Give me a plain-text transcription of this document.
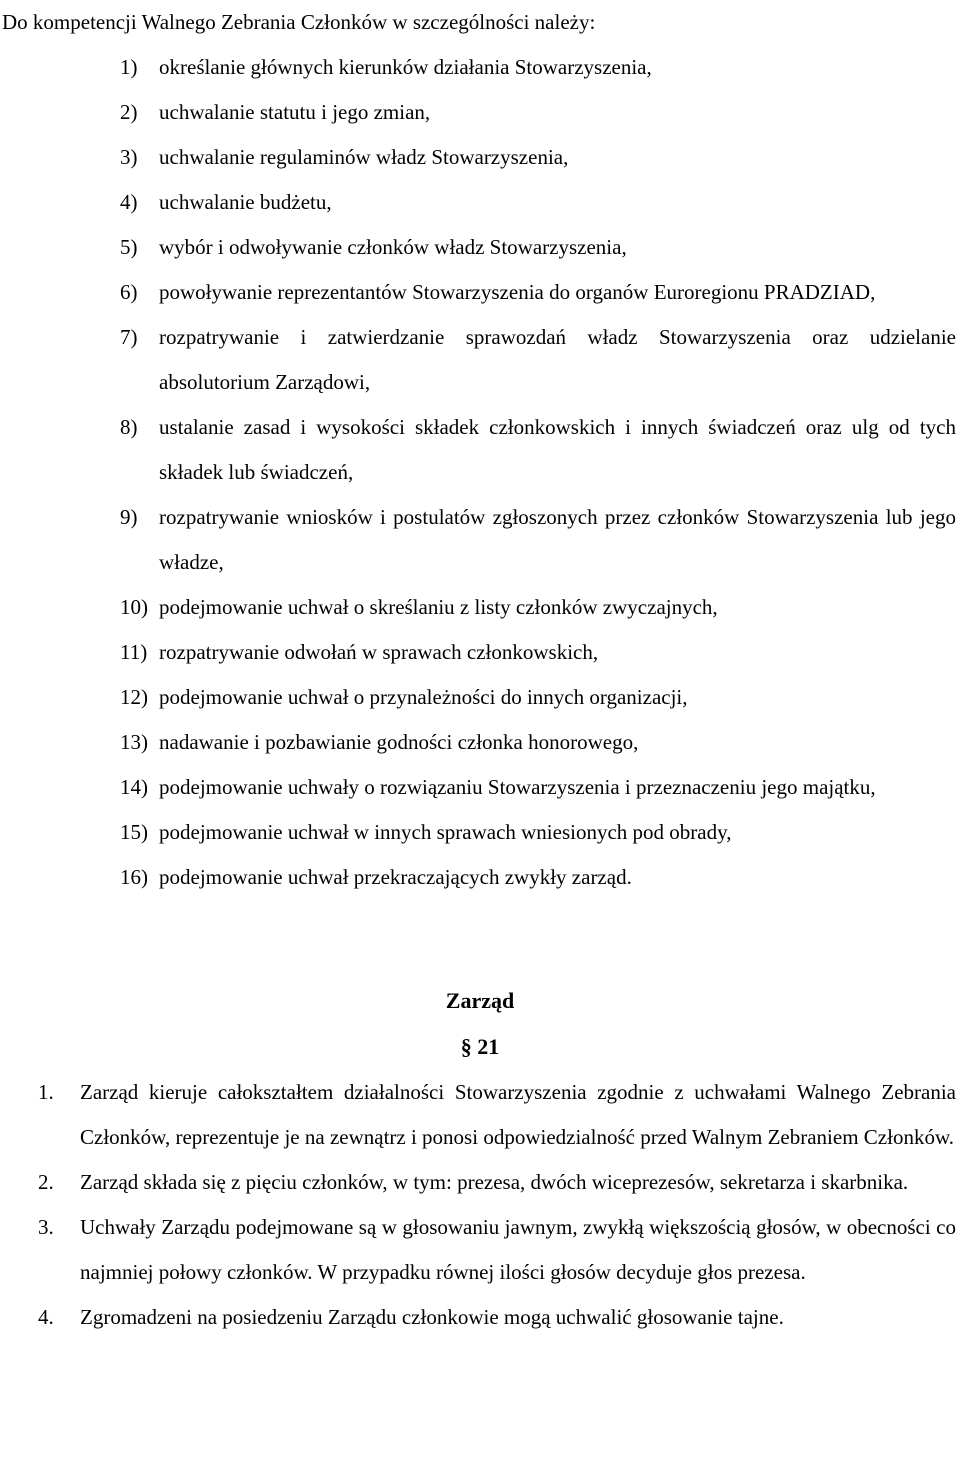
Do kompetencji Walnego Zebrania Członków w szczególności należy:
1) określanie głównych kierunków działania Stowarzyszenia,
2) uchwalanie statutu i jego zmian,
3) uchwalanie regulaminów władz Stowarzyszenia,
4) uchwalanie budżetu,
5) wybór i odwoływanie członków władz Stowarzyszenia,
6) powoływanie reprezentantów Stowarzyszenia do organów Euroregionu PRADZIAD,
7) rozpatrywanie i zatwierdzanie sprawozdań władz Stowarzyszenia oraz udzielanie absolutorium Zarządowi,
8) ustalanie zasad i wysokości składek członkowskich i innych świadczeń oraz ulg od tych składek lub świadczeń,
9) rozpatrywanie wniosków i postulatów zgłoszonych przez członków Stowarzyszenia lub jego władze,
10) podejmowanie uchwał o skreślaniu z listy członków zwyczajnych,
11) rozpatrywanie odwołań w sprawach członkowskich,
12) podejmowanie uchwał o przynależności do innych organizacji,
13) nadawanie i pozbawianie godności członka honorowego,
14) podejmowanie uchwały o rozwiązaniu Stowarzyszenia i przeznaczeniu jego majątku,
15) podejmowanie uchwał w innych sprawach wniesionych pod obrady,
16) podejmowanie uchwał przekraczających zwykły zarząd.
Zarząd
§ 21
1. Zarząd kieruje całokształtem działalności Stowarzyszenia zgodnie z uchwałami Walnego Zebrania Członków, reprezentuje je na zewnątrz i ponosi odpowiedzialność przed Walnym Zebraniem Członków.
2. Zarząd składa się z pięciu członków, w tym: prezesa, dwóch wiceprezesów, sekretarza i skarbnika.
3. Uchwały Zarządu podejmowane są w głosowaniu jawnym, zwykłą większością głosów, w obecności co najmniej połowy członków. W przypadku równej ilości głosów decyduje głos prezesa.
4. Zgromadzeni na posiedzeniu Zarządu członkowie mogą uchwalić głosowanie tajne.
